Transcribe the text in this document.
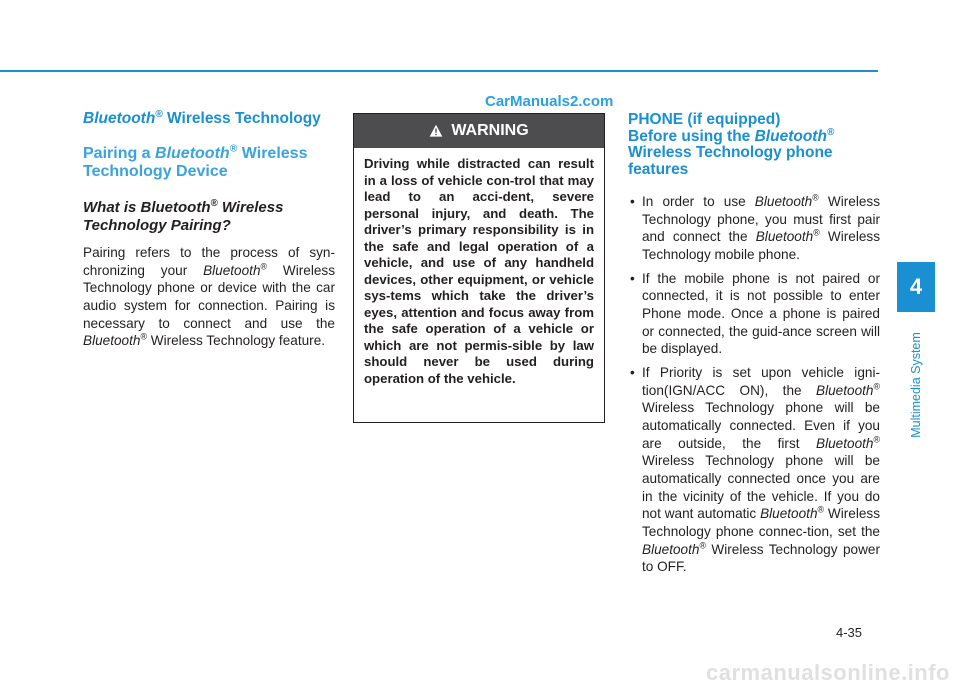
CarManuals2.com
Bluetooth® Wireless Technology
Pairing a Bluetooth® Wireless Technology Device
What is Bluetooth® Wireless Technology Pairing?

Pairing refers to the process of syn-chronizing your Bluetooth® Wireless Technology phone or device with the car audio system for connection. Pairing is necessary to connect and use the Bluetooth® Wireless Technology feature.

WARNING

Driving while distracted can result in a loss of vehicle con-trol that may lead to an acci-dent, severe personal injury, and death. The driver’s primary responsibility is in the safe and legal operation of a vehicle, and use of any handheld devices, other equipment, or vehicle sys-tems which take the driver’s eyes, attention and focus away from the safe operation of a vehicle or which are not permis-sible by law should never be used during operation of the vehicle.

PHONE (if equipped)
Before using the Bluetooth®
Wireless Technology phone features
• In order to use Bluetooth® Wireless Technology phone, you must first pair and connect the Bluetooth® Wireless Technology mobile phone.
• If the mobile phone is not paired or connected, it is not possible to enter Phone mode. Once a phone is paired or connected, the guid-ance screen will be displayed.
• If Priority is set upon vehicle igni-tion(IGN/ACC ON), the Bluetooth® Wireless Technology phone will be automatically connected. Even if you are outside, the first Bluetooth® Wireless Technology phone will be automatically connected once you are in the vicinity of the vehicle. If you do not want automatic Bluetooth® Wireless Technology phone connec-tion, set the Bluetooth® Wireless Technology power to OFF.
4
Multimedia System
4-35
carmanualsonline.info
